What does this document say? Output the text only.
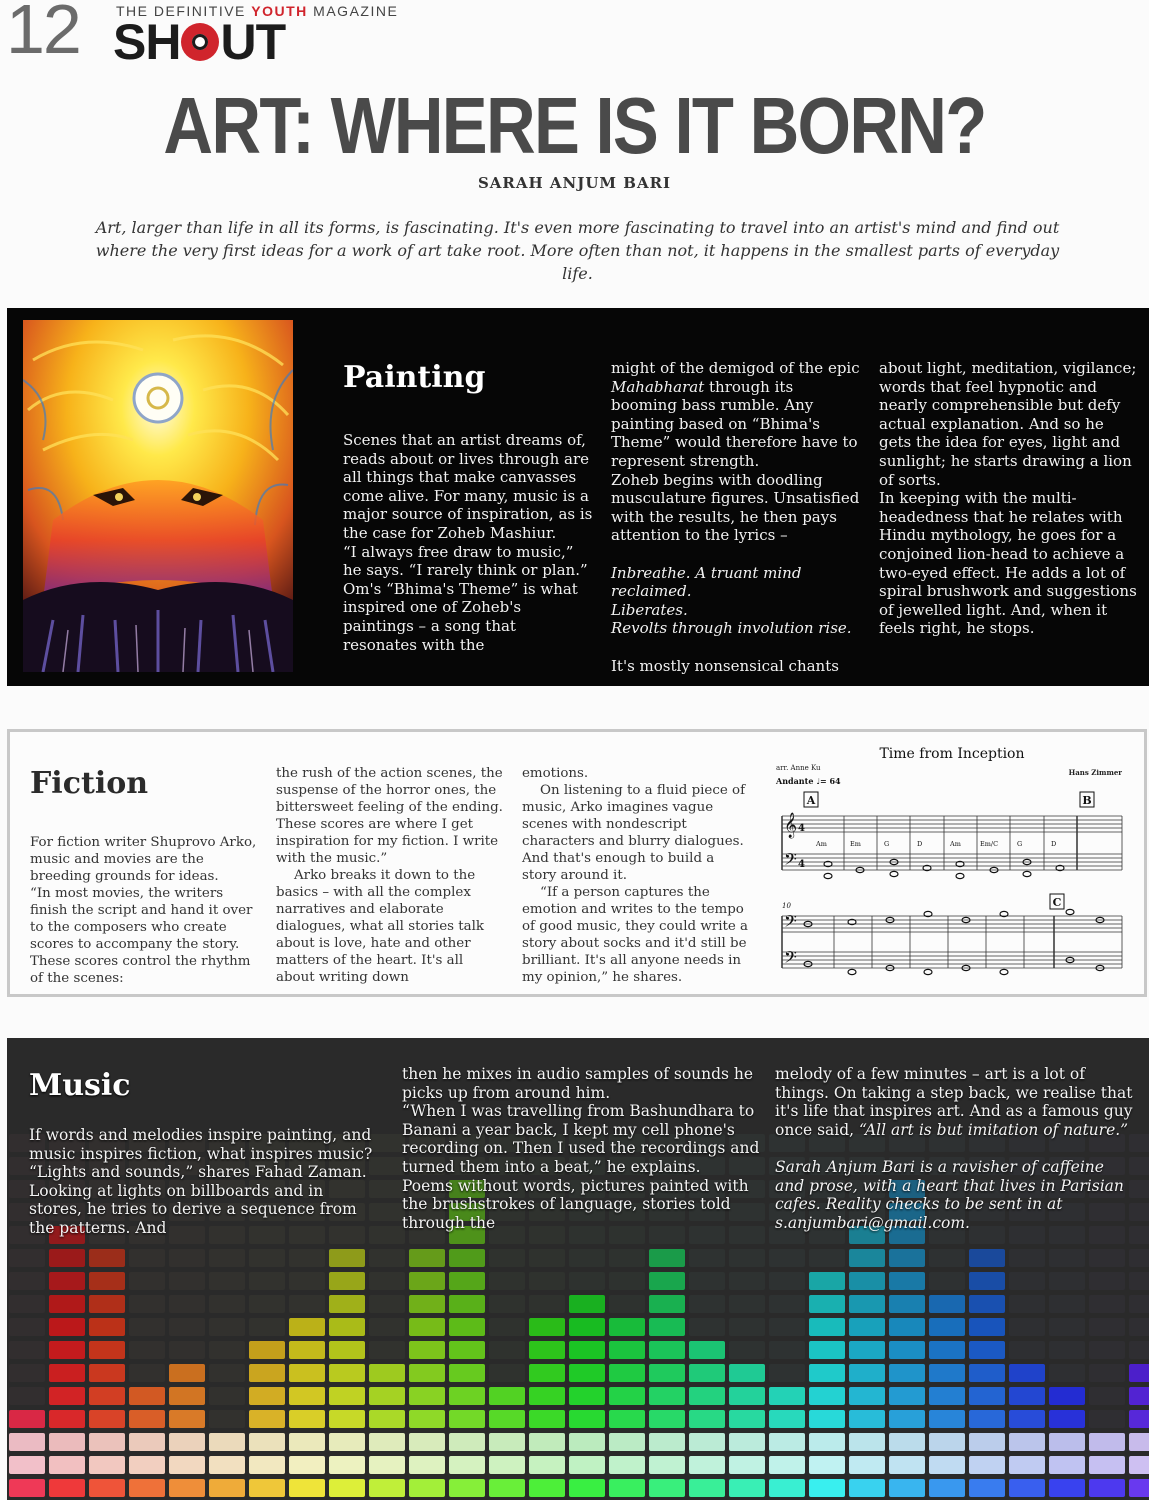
12	THE DEFINITIVE YOUTH MAGAZINE
SH UT
ART: WHERE IS IT BORN?
SARAH ANJUM BARI

Art, larger than life in all its forms, is fascinating. It's even more fascinating to travel into an artist's mind and find out where the very first ideas for a work of art take root. More often than not, it happens in the smallest parts of everyday life.

Painting

Scenes that an artist dreams of, reads about or lives through are all things that make canvasses come alive. For many, music is a major source of inspiration, as is the case for Zoheb Mashiur.

“I always free draw to music,” he says. “I rarely think or plan.”

Om's “Bhima's Theme” is what inspired one of Zoheb's paintings – a song that resonates with the

might of the demigod of the epic Mahabharat through its booming bass rumble. Any painting based on “Bhima's Theme” would therefore have to represent strength.

Zoheb begins with doodling musculature figures. Unsatisfied with the results, he then pays attention to the lyrics –

Inbreathe. A truant mind reclaimed.

Liberates.

Revolts through involution rise.

It's mostly nonsensical chants

about light, meditation, vigilance; words that feel hypnotic and nearly comprehensible but defy actual explanation. And so he gets the idea for eyes, light and sunlight; he starts drawing a lion of sorts.

In keeping with the multi-headedness that he relates with Hindu mythology, he goes for a conjoined lion-head to achieve a two-eyed effect. He adds a lot of spiral brushwork and suggestions of jewelled light. And, when it feels right, he stops.

Fiction

For fiction writer Shuprovo Arko, music and movies are the breeding grounds for ideas.

“In most movies, the writers finish the script and hand it over to the composers who create scores to accompany the story. These scores control the rhythm of the scenes:

the rush of the action scenes, the suspense of the horror ones, the bittersweet feeling of the ending. These scores are where I get inspiration for my fiction. I write with the music.”

Arko breaks it down to the basics – with all the complex narratives and elaborate dialogues, what all stories talk about is love, hate and other matters of the heart. It's all about writing down

emotions.

On listening to a fluid piece of music, Arko imagines vague scenes with nondescript characters and blurry dialogues. And that's enough to build a story around it.

“If a person captures the emotion and writes to the tempo of good music, they could write a story about socks and it'd still be brilliant. It's all anyone needs in my opinion,” he shares.

Time from Inception
arr. Anne Ku	Hans Zimmer
Andante ♩= 64
A	B
𝄞
𝄢
4
4
Am	Em	G	D	Am	Em/C	G	D
10	C
𝄢
𝄢
Music

If words and melodies inspire painting, and music inspires fiction, what inspires music? “Lights and sounds,” shares Fahad Zaman. Looking at lights on billboards and in stores, he tries to derive a sequence from the patterns. And

then he mixes in audio samples of sounds he picks up from around him.

“When I was travelling from Bashundhara to Banani a year back, I kept my cell phone's recording on. Then I used the recordings and turned them into a beat,” he explains.

Poems without words, pictures painted with the brushstrokes of language, stories told through the

melody of a few minutes – art is a lot of things. On taking a step back, we realise that it's life that inspires art. And as a famous guy once said, “All art is but imitation of nature.”

Sarah Anjum Bari is a ravisher of caffeine and prose, with a heart that lives in Parisian cafes. Reality checks to be sent in at s.anjumbari@gmail.com.
